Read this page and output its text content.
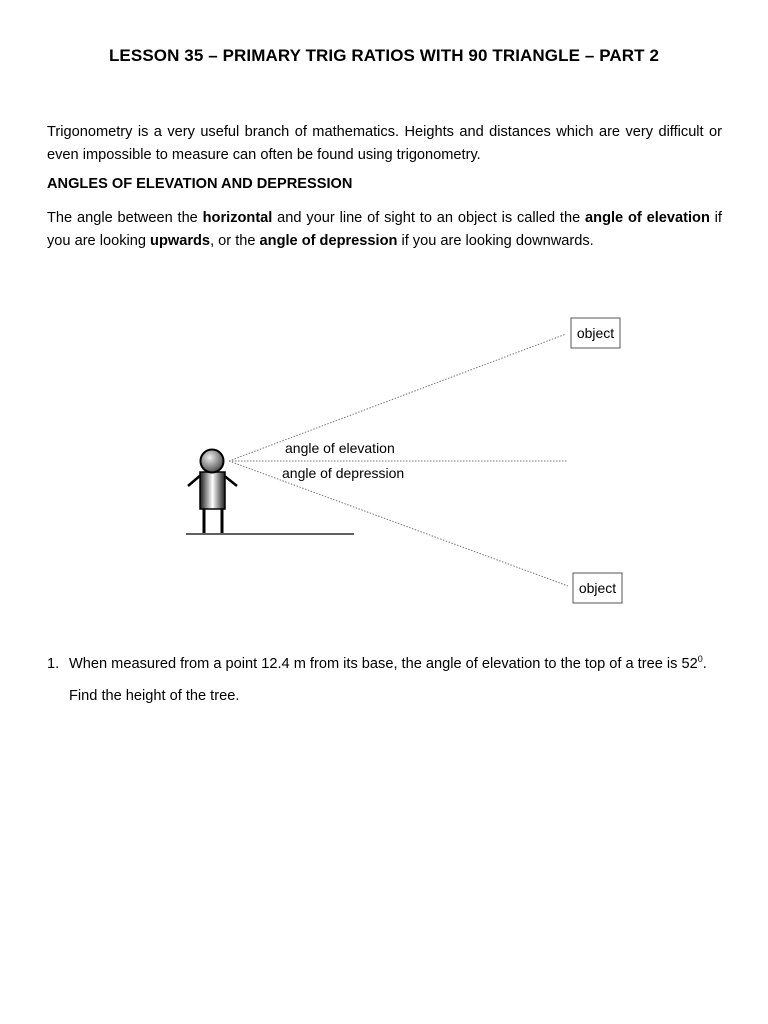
LESSON 35 – PRIMARY TRIG RATIOS WITH 90 TRIANGLE – PART 2
Trigonometry is a very useful branch of mathematics. Heights and distances which are very difficult or even impossible to measure can often be found using trigonometry.
ANGLES OF ELEVATION AND DEPRESSION
The angle between the horizontal and your line of sight to an object is called the angle of elevation if you are looking upwards, or the angle of depression if you are looking downwards.
object
object
angle of elevation
angle of depression
1. When measured from a point 12.4 m from its base, the angle of elevation to the top of a tree is $52^0$. Find the height of the tree.
